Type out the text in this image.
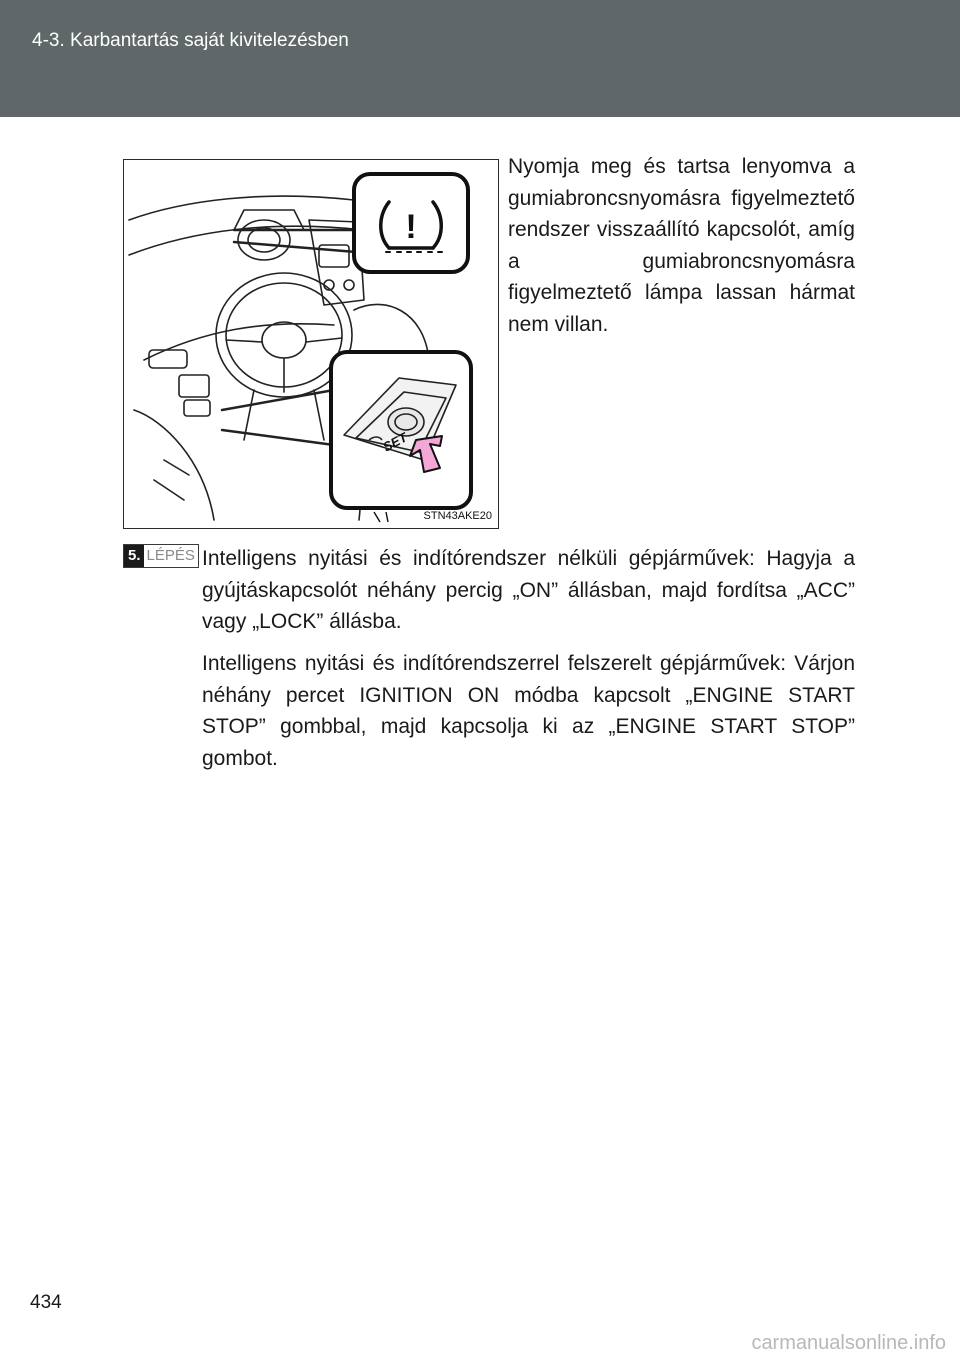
4-3. Karbantartás saját kivitelezésben
!
SET
STN43AKE20
Nyomja meg és tartsa lenyomva a gumiabroncsnyomásra figyelmeztető rendszer visszaállító kapcsolót, amíg a gumiabroncsnyomásra figyelmeztető lámpa lassan hármat nem villan.
5. LÉPÉS Intelligens nyitási és indítórendszer nélküli gépjárművek: Hagyja a gyújtáskapcsolót néhány percig „ON” állásban, majd fordítsa „ACC” vagy „LOCK” állásba.
Intelligens nyitási és indítórendszerrel felszerelt gépjárművek: Várjon néhány percet IGNITION ON módba kapcsolt „ENGINE START STOP” gombbal, majd kapcsolja ki az „ENGINE START STOP” gombot.
434
carmanualsonline.info
